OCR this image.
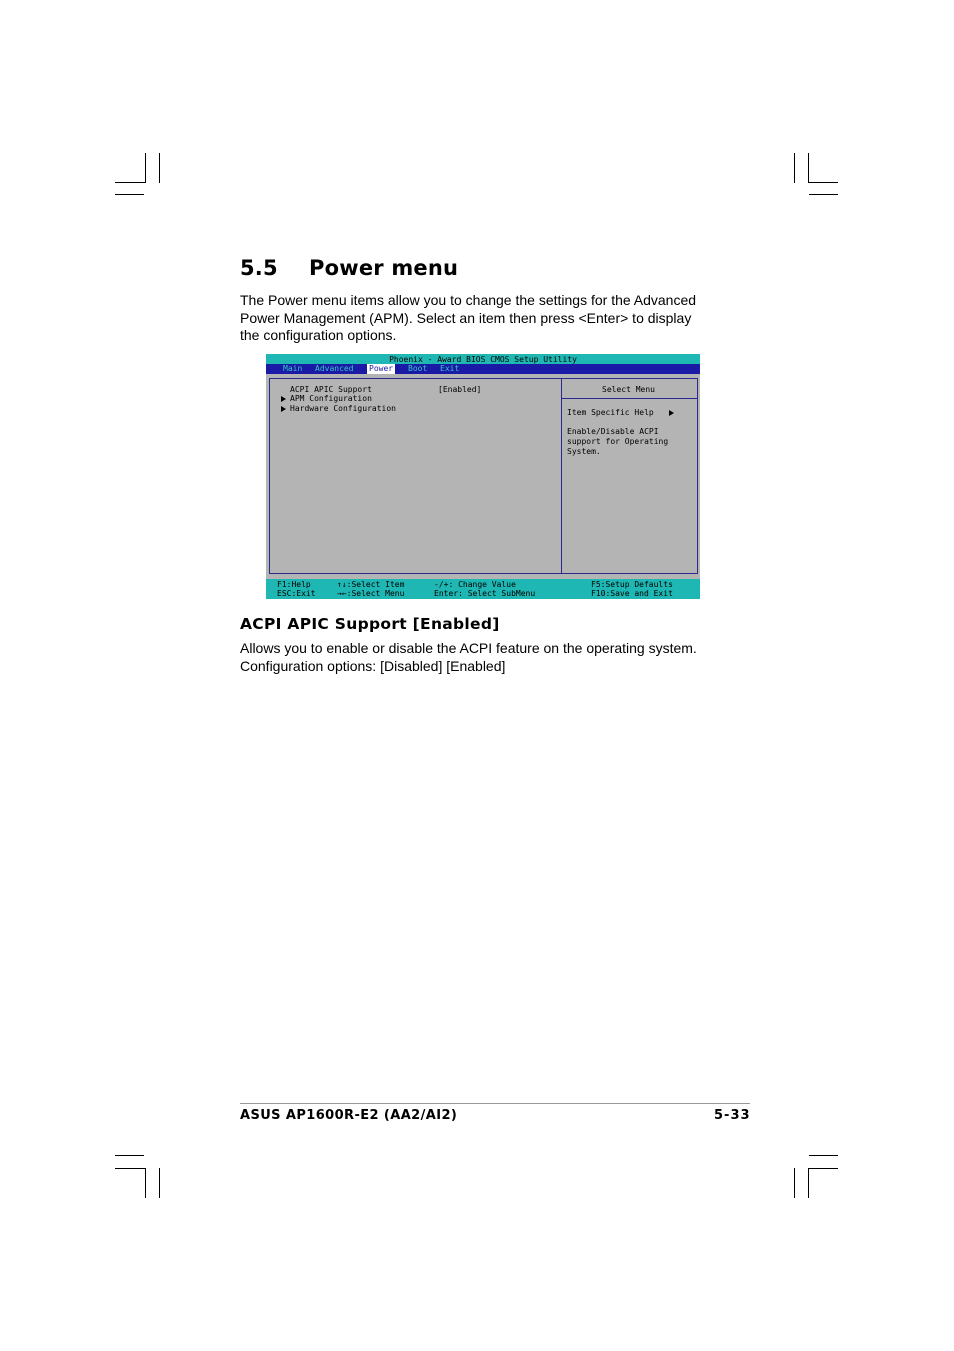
5.5 Power menu
The Power menu items allow you to change the settings for the Advanced
Power Management (APM). Select an item then press <Enter> to display
the configuration options.
Phoenix - Award BIOS CMOS Setup Utility
Main Advanced Power Boot Exit
ACPI APIC Support	[Enabled]
APM Configuration
Hardware Configuration
Select Menu
Item Specific Help
Enable/Disable ACPI
support for Operating
System.
F1:Help
ESC:Exit
↑↓:Select Item
→←:Select Menu
-/+: Change Value
Enter: Select SubMenu
F5:Setup Defaults
F10:Save and Exit
ACPI APIC Support [Enabled]
Allows you to enable or disable the ACPI feature on the operating system.
Configuration options: [Disabled] [Enabled]
ASUS AP1600R-E2 (AA2/AI2)	5-33
